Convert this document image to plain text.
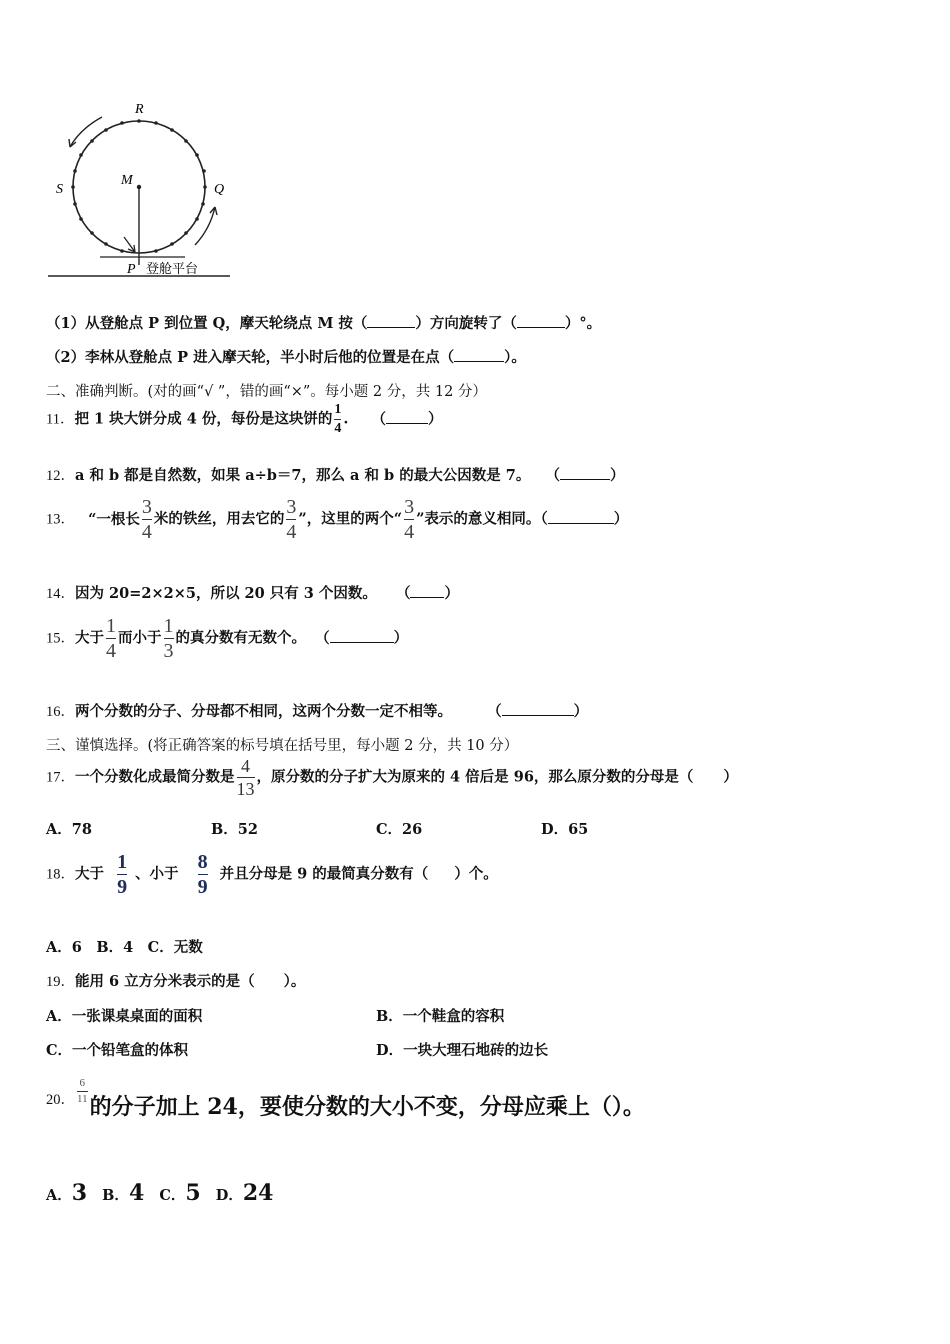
R
S	Q
M
P 登舱平台
（1）从登舱点 P 到位置 Q，摩天轮绕点 M 按（	）方向旋转了（	）°。
（2）李林从登舱点 P 进入摩天轮，半小时后他的位置是在点（	）。
二、准确判断。(对的画“√ ”，错的画“×”。每小题 2 分，共 12 分）
11．把 1 块大饼分成 4 份，每份是这块饼的 $\frac{1}{4}$ . （	）
12．a 和 b 都是自然数，如果 a÷b＝7，那么 a 和 b 的最大公因数是 7。 （	）
13． “一根长 $\frac{3}{4}$ 米的铁丝，用去它的 $\frac{3}{4}$ ”，这里的两个“ $\frac{3}{4}$ ”表示的意义相同。（	）
14．因为 20=2×2×5，所以 20 只有 3 个因数。 （ ）
15．大于 $\frac{1}{4}$ 而小于 $\frac{1}{3}$ 的真分数有无数个。 （	）
16．两个分数的分子、分母都不相同，这两个分数一定不相等。 （	）
三、谨慎选择。(将正确答案的标号填在括号里，每小题 2 分，共 10 分）
17．一个分数化成最简分数是 $\frac{4}{13}$ ，原分数的分子扩大为原来的 4 倍后是 96，那么原分数的分母是（ ）
A．78	B．52	C．26	D．65
18．大于 $\frac{1}{9}$ 、小于 $\frac{8}{9}$ 并且分母是 9 的最简真分数有（ ）个。
A．6　B．4　C．无数
19．能用 6 立方分米表示的是（　　）。
A．一张课桌桌面的面积	B．一个鞋盒的容积
C．一个铅笔盒的体积	D．一块大理石地砖的边长
20． $\frac{6}{11}$
的分子加上 24，要使分数的大小不变，分母应乘上（）。
A．3 B．4 C．5 D．24
